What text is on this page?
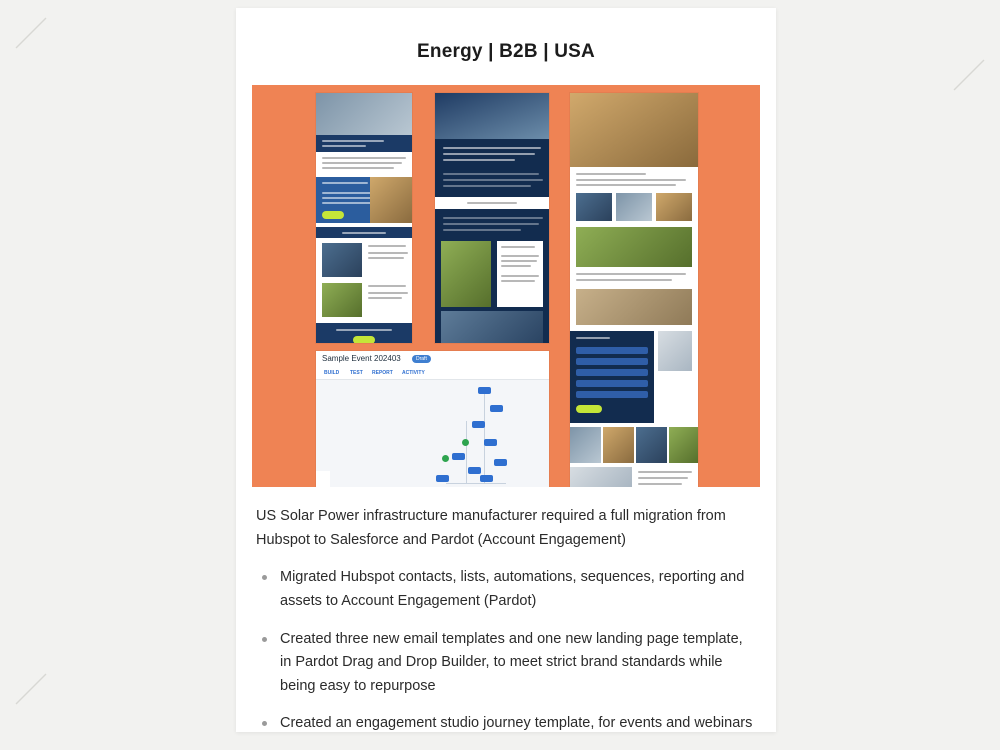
Energy | B2B | USA
Sample Event 202403	Draft
BUILD TEST REPORT ACTIVITY

US Solar Power infrastructure manufacturer required a full migration from Hubspot to Salesforce and Pardot (Account Engagement)

Migrated Hubspot contacts, lists, automations, sequences, reporting and assets to Account Engagement (Pardot)
Created three new email templates and one new landing page template, in Pardot Drag and Drop Builder, to meet strict brand standards while being easy to repurpose
Created an engagement studio journey template, for events and webinars
